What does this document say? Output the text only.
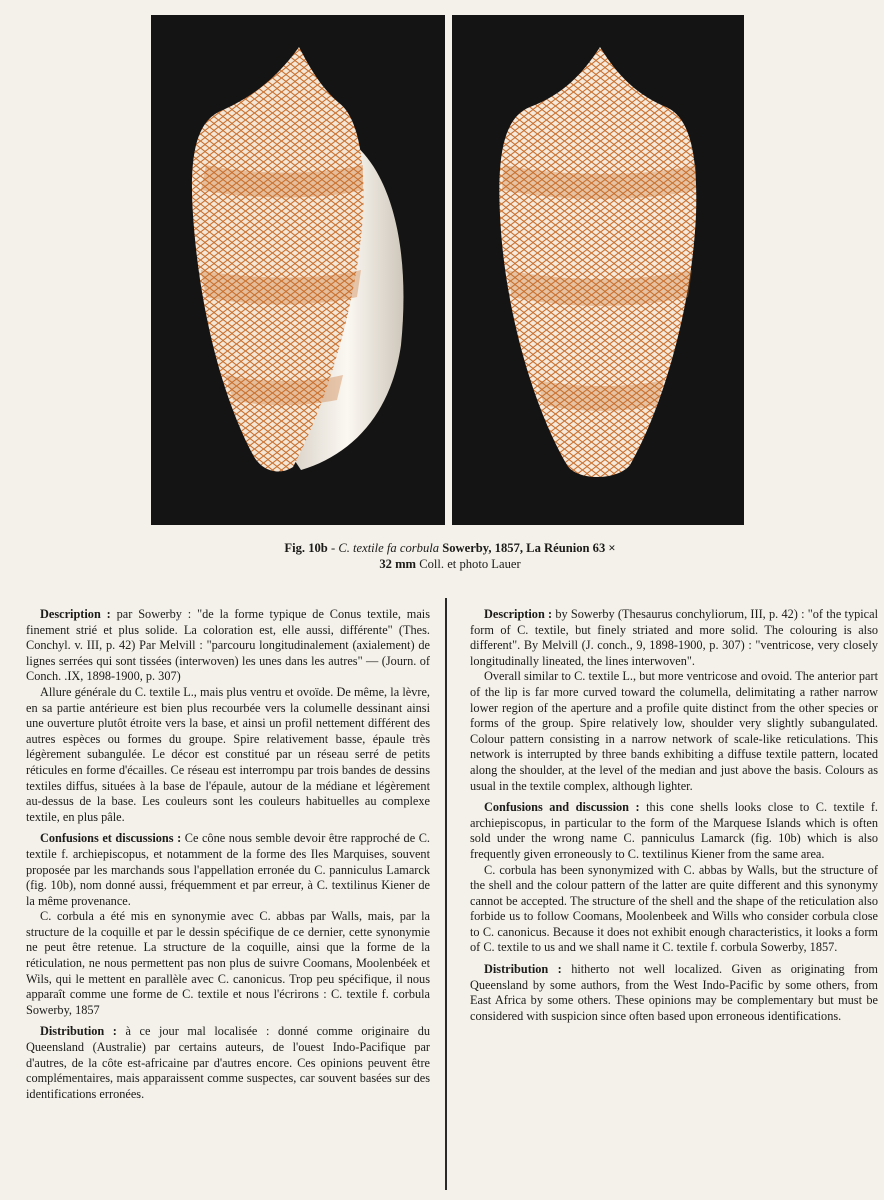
Fig. 10b - C. textile fa corbula Sowerby, 1857, La Réunion 63 ×
32 mm Coll. et photo Lauer

Description : par Sowerby : "de la forme typique de Conus textile, mais finement strié et plus solide. La coloration est, elle aussi, différente" (Thes. Conchyl. v. III, p. 42) Par Melvill : "parcouru longitudinalement (axialement) de lignes serrées qui sont tissées (interwoven) les unes dans les autres" — (Journ. of Conch. .IX, 1898-1900, p. 307)

Allure générale du C. textile L., mais plus ventru et ovoïde. De même, la lèvre, en sa partie antérieure est bien plus recourbée vers la columelle dessinant ainsi une ouverture plutôt étroite vers la base, et ainsi un profil nettement différent des autres espèces ou formes du groupe. Spire relativement basse, épaule très légèrement subangulée. Le décor est constitué par un réseau serré de petits réticules en forme d'écailles. Ce réseau est interrompu par trois bandes de dessins textiles diffus, situées à la base de l'épaule, autour de la médiane et légèrement au-dessus de la base. Les couleurs sont les couleurs habituelles au complexe textile, en plus pâle.

Confusions et discussions : Ce cône nous semble devoir être rapproché de C. textile f. archiepiscopus, et notamment de la forme des Iles Marquises, souvent proposée par les marchands sous l'appellation erronée du C. panniculus Lamarck (fig. 10b), nom donné aussi, fréquemment et par erreur, à C. textilinus Kiener de la même provenance.

C. corbula a été mis en synonymie avec C. abbas par Walls, mais, par la structure de la coquille et par le dessin spécifique de ce dernier, cette synonymie ne peut être retenue. La structure de la coquille, ainsi que la forme de la réticulation, ne nous permettent pas non plus de suivre Coomans, Moolenbéek et Wils, qui le mettent en parallèle avec C. canonicus. Trop peu spécifique, il nous apparaît comme une forme de C. textile et nous l'écrirons : C. textile f. corbula Sowerby, 1857

Distribution : à ce jour mal localisée : donné comme originaire du Queensland (Australie) par certains auteurs, de l'ouest Indo-Pacifique par d'autres, de la côte est-africaine par d'autres encore. Ces opinions peuvent être complémentaires, mais apparaissent comme suspectes, car souvent basées sur des identifications erronées.

Description : by Sowerby (Thesaurus conchyliorum, III, p. 42) : "of the typical form of C. textile, but finely striated and more solid. The colouring is also different". By Melvill (J. conch., 9, 1898-1900, p. 307) : "ventricose, very closely longitudinally lineated, the lines interwoven".

Overall similar to C. textile L., but more ventricose and ovoid. The anterior part of the lip is far more curved toward the columella, delimitating a rather narrow lower region of the aperture and a profile quite distinct from the other species or forms of the group. Spire relatively low, shoulder very slightly subangulated. Colour pattern consisting in a narrow network of scale-like reticulations. This network is interrupted by three bands exhibiting a diffuse textile pattern, located along the shoulder, at the level of the median and just above the basis. Colours as usual in the textile complex, although lighter.

Confusions and discussion : this cone shells looks close to C. textile f. archiepiscopus, in particular to the form of the Marquese Islands which is often sold under the wrong name C. panniculus Lamarck (fig. 10b) which is also frequently given erroneously to C. textilinus Kiener from the same area.

C. corbula has been synonymized with C. abbas by Walls, but the structure of the shell and the colour pattern of the latter are quite different and this synonymy cannot be accepted. The structure of the shell and the shape of the reticulation also forbide us to follow Coomans, Moolenbeek and Wills who consider corbula close to C. canonicus. Because it does not exhibit enough characteristics, it looks a form of C. textile to us and we shall name it C. textile f. corbula Sowerby, 1857.

Distribution : hitherto not well localized. Given as originating from Queensland by some authors, from the West Indo-Pacific by some others, from East Africa by some others. These opinions may be complementary but must be considered with suspicion since often based upon erroneous identifications.
